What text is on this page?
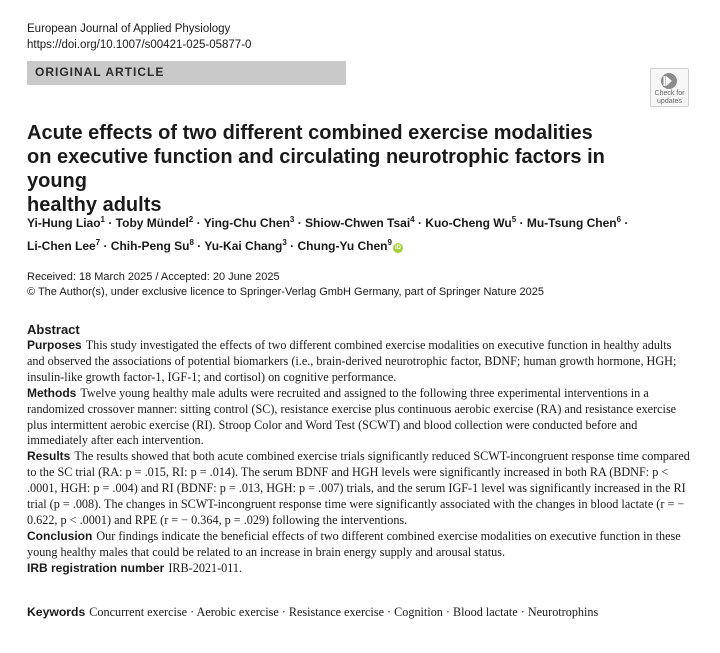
European Journal of Applied Physiology
https://doi.org/10.1007/s00421-025-05877-0
ORIGINAL ARTICLE
Check for
updates
Acute effects of two different combined exercise modalities
on executive function and circulating neurotrophic factors in young
healthy adults
Yi-Hung Liao$^1$ · Toby Mündel$^2$ · Ying-Chu Chen$^3$ · Shiow-Chwen Tsai$^4$ · Kuo-Cheng $Wu^5$ · Mu-Tsung Chen$^6$ ·
Li-Chen Lee$^7$ · Chih-Peng $Su^8 \cdot Yu-Kai$ Chang$^3$ · Chung-Yu Chen$^9$iD
Received: 18 March 2025 / Accepted: 20 June 2025
© The Author(s), under exclusive licence to Springer-Verlag GmbH Germany, part of Springer Nature 2025
Abstract

Purposes This study investigated the effects of two different combined exercise modalities on executive function in healthy adults and observed the associations of potential biomarkers (i.e., brain-derived neurotrophic factor, BDNF; human growth hormone, HGH; insulin-like growth factor-1, IGF-1; and cortisol) on cognitive performance.

Methods Twelve young healthy male adults were recruited and assigned to the following three experimental interventions in a randomized crossover manner: sitting control (SC), resistance exercise plus continuous aerobic exercise (RA) and resistance exercise plus intermittent aerobic exercise (RI). Stroop Color and Word Test (SCWT) and blood collection were conducted before and immediately after each intervention.

Results The results showed that both acute combined exercise trials significantly reduced SCWT-incongruent response time compared to the SC trial (RA: p = .015, RI: p = .014). The serum BDNF and HGH levels were significantly increased in both RA (BDNF: p < .0001, HGH: p = .004) and RI (BDNF: p = .013, HGH: p = .007) trials, and the serum IGF-1 level was significantly increased in the RI trial (p = .008). The changes in SCWT-incongruent response time were significantly associated with the changes in blood lactate (r = − 0.622, p < .0001) and RPE (r = − 0.364, p = .029) following the interventions.

Conclusion Our findings indicate the beneficial effects of two different combined exercise modalities on executive function in these young healthy males that could be related to an increase in brain energy supply and arousal status.

IRB registration number IRB-2021-011.

Keywords Concurrent exercise · Aerobic exercise · Resistance exercise · Cognition · Blood lactate · Neurotrophins
